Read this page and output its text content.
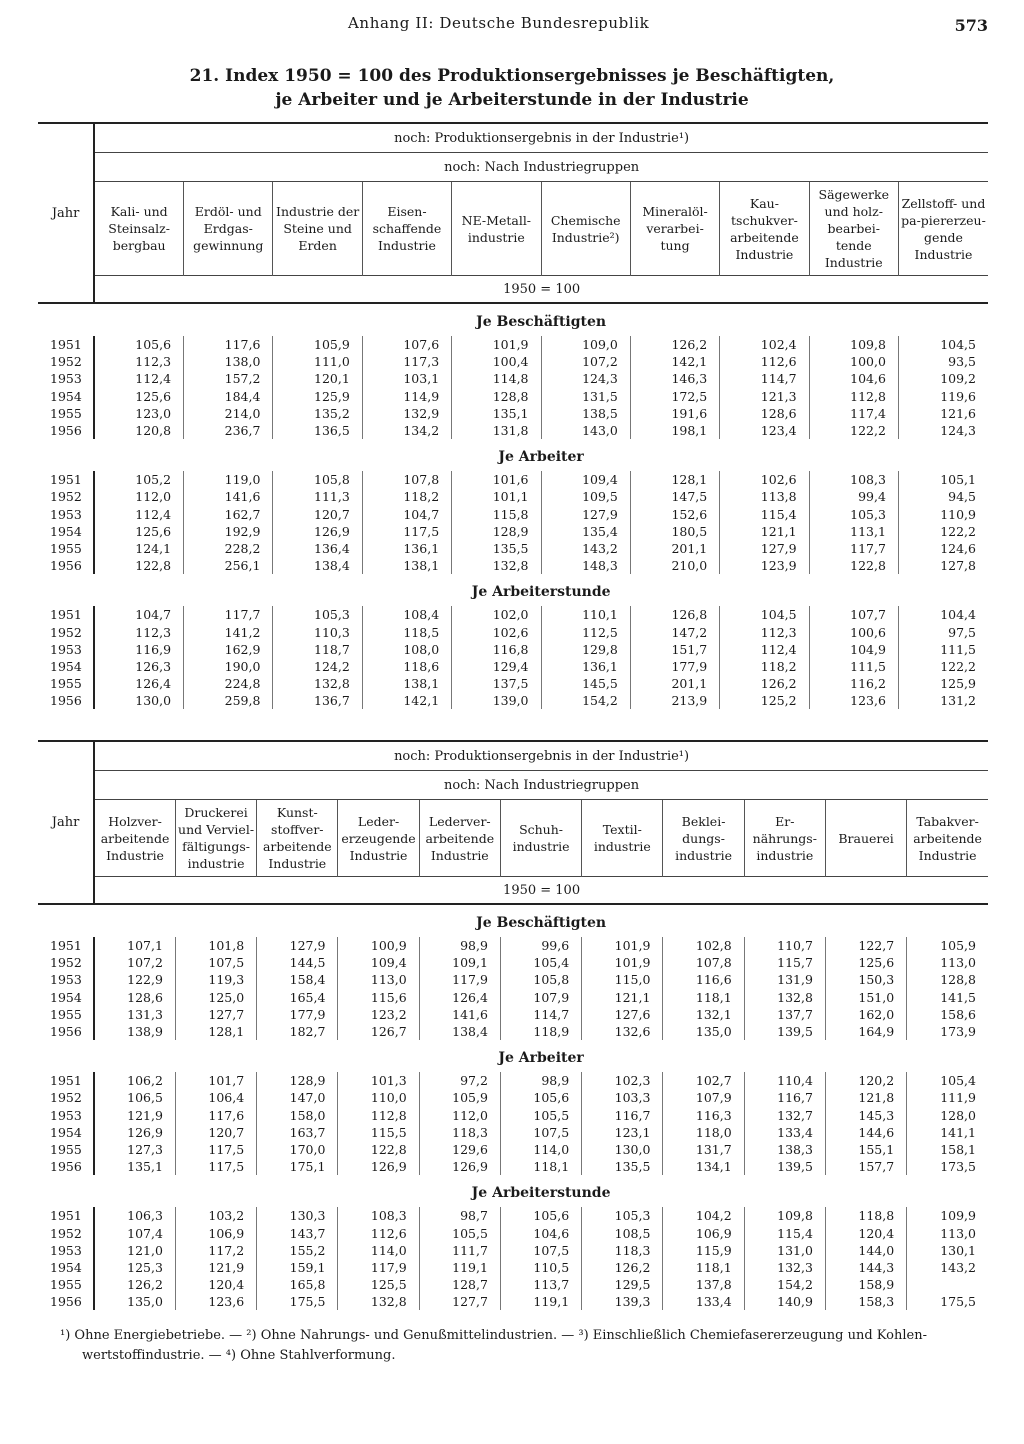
Anhang II: Deutsche Bundesrepublik	573
21. Index 1950 = 100 des Produktionsergebnisses je Beschäftigten,
je Arbeiter und je Arbeiterstunde in der Industrie
Jahr	noch: Produktionsergebnis in der Industrie¹)									
	noch: Nach Industriegruppen									
	Kali- und Steinsalz-bergbau	Erdöl- und Erdgas-gewinnung	Industrie der Steine und Erden	Eisen-schaffende Industrie	NE-Metall-industrie	Chemische Industrie²)	Mineralöl-verarbei-tung	Kau-tschukver-arbeitende Industrie	Sägewerke und holz-bearbei-tende Industrie	Zellstoff- und pa-piererzeu-gende Industrie
	1950 = 100									
	Je Beschäftigten									
1951	105,6	117,6	105,9	107,6	101,9	109,0	126,2	102,4	109,8	104,5
1952	112,3	138,0	111,0	117,3	100,4	107,2	142,1	112,6	100,0	93,5
1953	112,4	157,2	120,1	103,1	114,8	124,3	146,3	114,7	104,6	109,2
1954	125,6	184,4	125,9	114,9	128,8	131,5	172,5	121,3	112,8	119,6
1955	123,0	214,0	135,2	132,9	135,1	138,5	191,6	128,6	117,4	121,6
1956	120,8	236,7	136,5	134,2	131,8	143,0	198,1	123,4	122,2	124,3
	Je Arbeiter									
1951	105,2	119,0	105,8	107,8	101,6	109,4	128,1	102,6	108,3	105,1
1952	112,0	141,6	111,3	118,2	101,1	109,5	147,5	113,8	99,4	94,5
1953	112,4	162,7	120,7	104,7	115,8	127,9	152,6	115,4	105,3	110,9
1954	125,6	192,9	126,9	117,5	128,9	135,4	180,5	121,1	113,1	122,2
1955	124,1	228,2	136,4	136,1	135,5	143,2	201,1	127,9	117,7	124,6
1956	122,8	256,1	138,4	138,1	132,8	148,3	210,0	123,9	122,8	127,8
	Je Arbeiterstunde									
1951	104,7	117,7	105,3	108,4	102,0	110,1	126,8	104,5	107,7	104,4
1952	112,3	141,2	110,3	118,5	102,6	112,5	147,2	112,3	100,6	97,5
1953	116,9	162,9	118,7	108,0	116,8	129,8	151,7	112,4	104,9	111,5
1954	126,3	190,0	124,2	118,6	129,4	136,1	177,9	118,2	111,5	122,2
1955	126,4	224,8	132,8	138,1	137,5	145,5	201,1	126,2	116,2	125,9
1956	130,0	259,8	136,7	142,1	139,0	154,2	213,9	125,2	123,6	131,2
Jahr	noch: Produktionsergebnis in der Industrie¹)										
	noch: Nach Industriegruppen										
	Holzver-arbeitende Industrie	Druckerei und Verviel-fältigungs-industrie	Kunst-stoffver-arbeitende Industrie	Leder-erzeugende Industrie	Lederver-arbeitende Industrie	Schuh-industrie	Textil-industrie	Beklei-dungs-industrie	Er-nährungs-industrie	Brauerei	Tabakver-arbeitende Industrie
	1950 = 100										
	Je Beschäftigten										
1951	107,1	101,8	127,9	100,9	98,9	99,6	101,9	102,8	110,7	122,7	105,9
1952	107,2	107,5	144,5	109,4	109,1	105,4	101,9	107,8	115,7	125,6	113,0
1953	122,9	119,3	158,4	113,0	117,9	105,8	115,0	116,6	131,9	150,3	128,8
1954	128,6	125,0	165,4	115,6	126,4	107,9	121,1	118,1	132,8	151,0	141,5
1955	131,3	127,7	177,9	123,2	141,6	114,7	127,6	132,1	137,7	162,0	158,6
1956	138,9	128,1	182,7	126,7	138,4	118,9	132,6	135,0	139,5	164,9	173,9
	Je Arbeiter										
1951	106,2	101,7	128,9	101,3	97,2	98,9	102,3	102,7	110,4	120,2	105,4
1952	106,5	106,4	147,0	110,0	105,9	105,6	103,3	107,9	116,7	121,8	111,9
1953	121,9	117,6	158,0	112,8	112,0	105,5	116,7	116,3	132,7	145,3	128,0
1954	126,9	120,7	163,7	115,5	118,3	107,5	123,1	118,0	133,4	144,6	141,1
1955	127,3	117,5	170,0	122,8	129,6	114,0	130,0	131,7	138,3	155,1	158,1
1956	135,1	117,5	175,1	126,9	126,9	118,1	135,5	134,1	139,5	157,7	173,5
	Je Arbeiterstunde										
1951	106,3	103,2	130,3	108,3	98,7	105,6	105,3	104,2	109,8	118,8	109,9
1952	107,4	106,9	143,7	112,6	105,5	104,6	108,5	106,9	115,4	120,4	113,0
1953	121,0	117,2	155,2	114,0	111,7	107,5	118,3	115,9	131,0	144,0	130,1
1954	125,3	121,9	159,1	117,9	119,1	110,5	126,2	118,1	132,3	144,3	143,2
1955	126,2	120,4	165,8	125,5	128,7	113,7	129,5	137,8	154,2	158,9	
1956	135,0	123,6	175,5	132,8	127,7	119,1	139,3	133,4	140,9	158,3	175,5
¹) Ohne Energiebetriebe. — ²) Ohne Nahrungs- und Genußmittelindustrien. — ³) Einschließlich Chemiefasererzeugung und Kohlen-
wertstoffindustrie. — ⁴) Ohne Stahlverformung.
